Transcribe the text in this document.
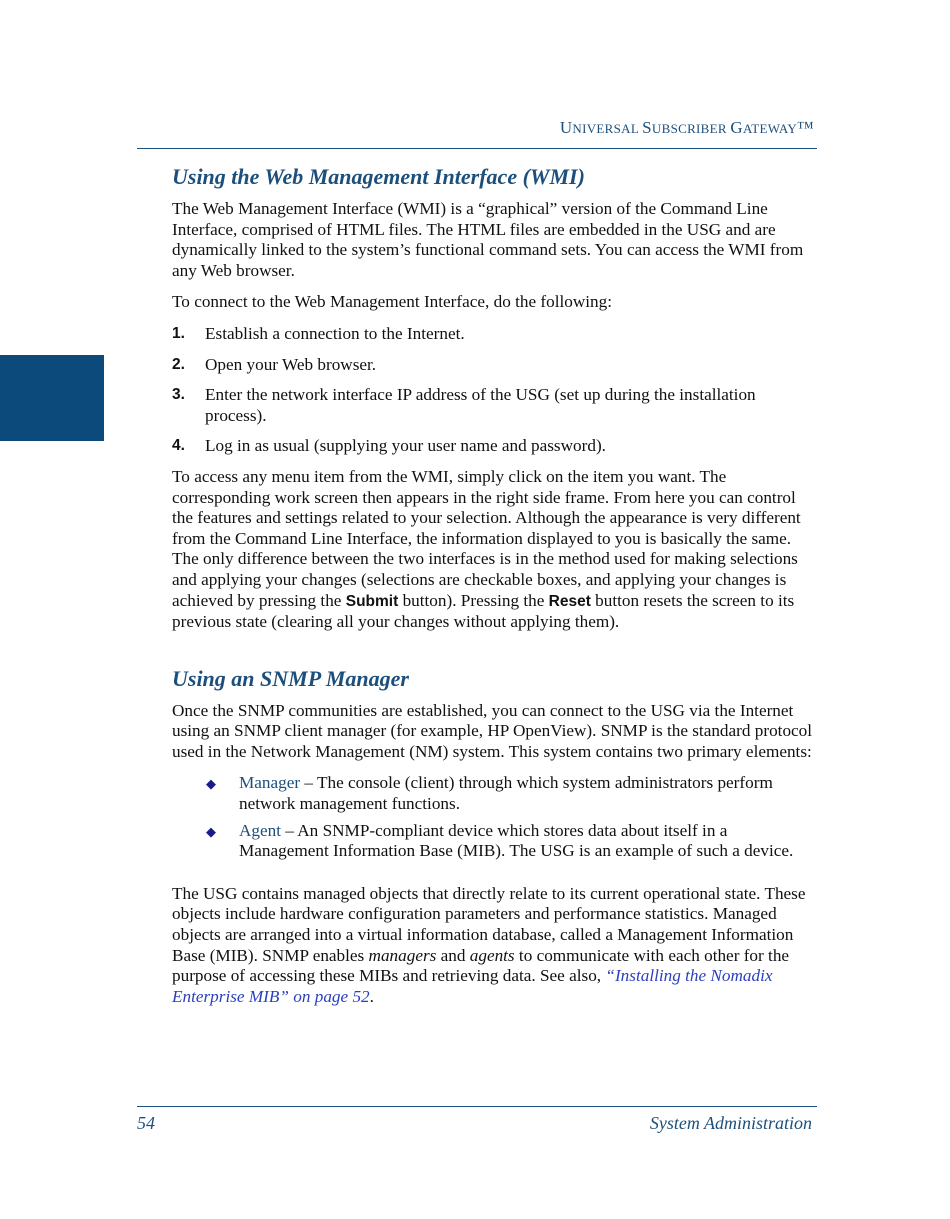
UNIVERSAL SUBSCRIBER GATEWAY™
Using the Web Management Interface (WMI)

The Web Management Interface (WMI) is a “graphical” version of the Command Line Interface, comprised of HTML files. The HTML files are embedded in the USG and are dynamically linked to the system’s functional command sets. You can access the WMI from any Web browser.

To connect to the Web Management Interface, do the following:

1. Establish a connection to the Internet.
2. Open your Web browser.
3. Enter the network interface IP address of the USG (set up during the installation process).
4. Log in as usual (supplying your user name and password).

To access any menu item from the WMI, simply click on the item you want. The corresponding work screen then appears in the right side frame. From here you can control the features and settings related to your selection. Although the appearance is very different from the Command Line Interface, the information displayed to you is basically the same. The only difference between the two interfaces is in the method used for making selections and applying your changes (selections are checkable boxes, and applying your changes is achieved by pressing the Submit button). Pressing the Reset button resets the screen to its previous state (clearing all your changes without applying them).

Using an SNMP Manager

Once the SNMP communities are established, you can connect to the USG via the Internet using an SNMP client manager (for example, HP OpenView). SNMP is the standard protocol used in the Network Management (NM) system. This system contains two primary elements:

◆ Manager – The console (client) through which system administrators perform network management functions.
◆ Agent – An SNMP-compliant device which stores data about itself in a Management Information Base (MIB). The USG is an example of such a device.

The USG contains managed objects that directly relate to its current operational state. These objects include hardware configuration parameters and performance statistics. Managed objects are arranged into a virtual information database, called a Management Information Base (MIB). SNMP enables managers and agents to communicate with each other for the purpose of accessing these MIBs and retrieving data. See also, “Installing the Nomadix Enterprise MIB” on page 52.

54	System Administration
